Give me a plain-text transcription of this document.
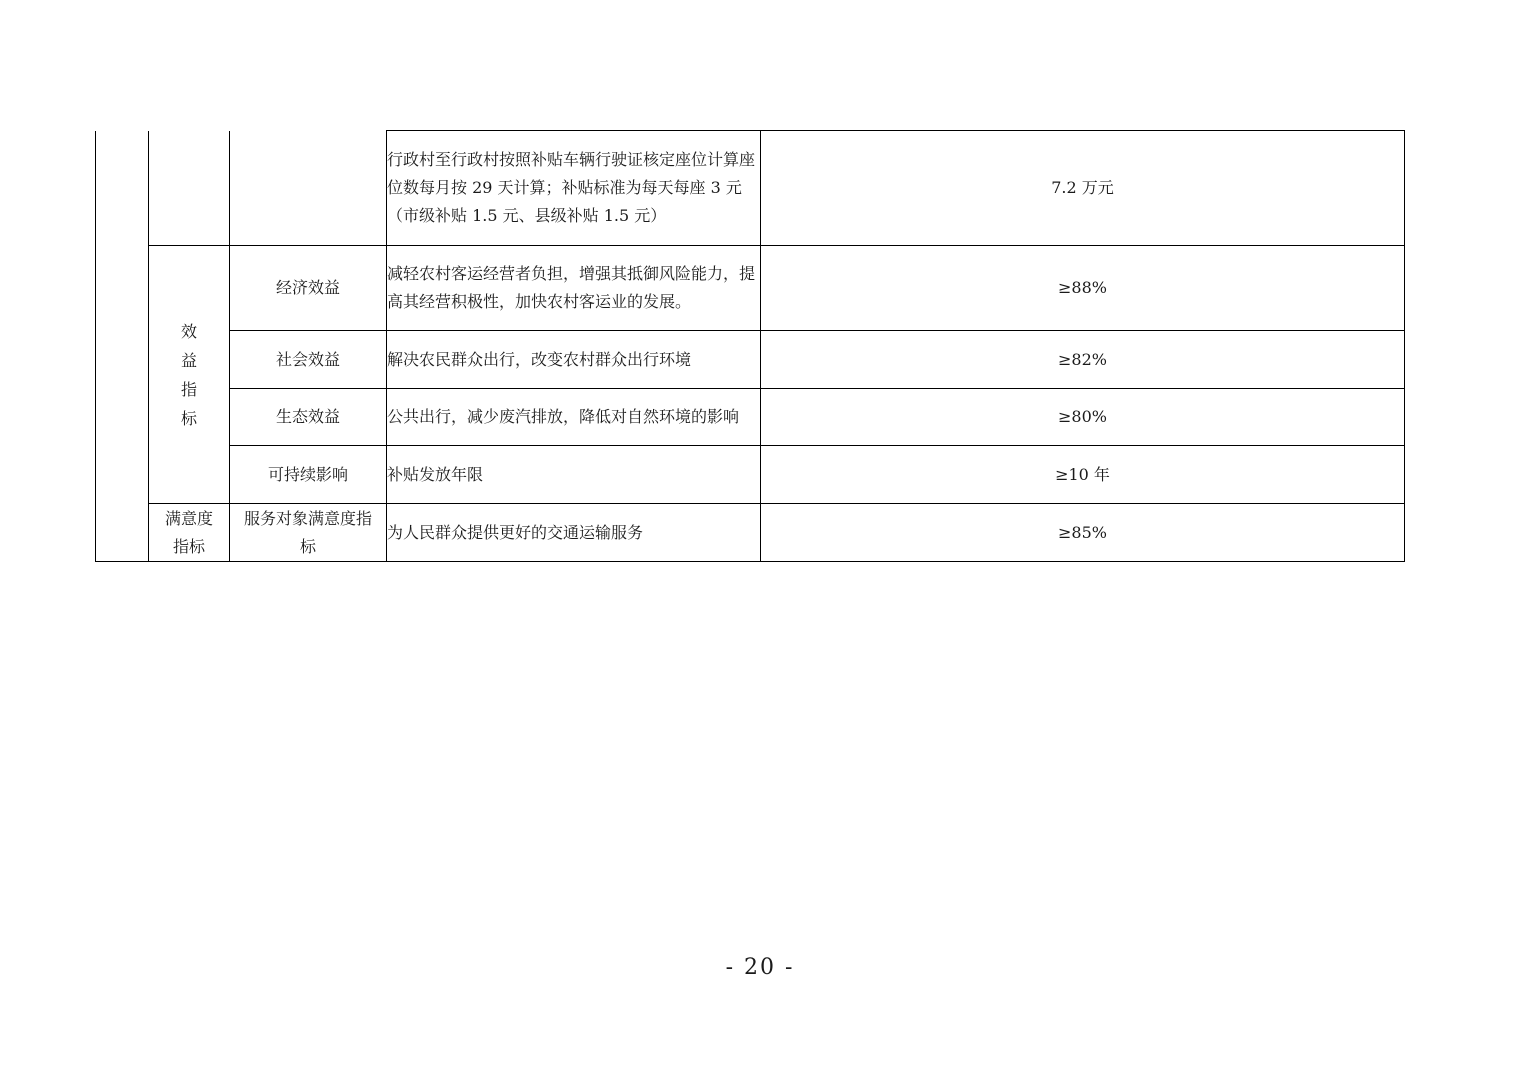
			行政村至行政村按照补贴车辆行驶证核定座位计算座位数每月按 29 天计算；补贴标准为每天每座 3 元（市级补贴 1.5 元、县级补贴 1.5 元）	7.2 万元
	效益指标	经济效益	减轻农村客运经营者负担，增强其抵御风险能力，提高其经营积极性，加快农村客运业的发展。	≥88%
		社会效益	解决农民群众出行，改变农村群众出行环境	≥82%
		生态效益	公共出行，减少废汽排放，降低对自然环境的影响	≥80%
		可持续影响	补贴发放年限	≥10 年
	满意度指标	服务对象满意度指标	为人民群众提供更好的交通运输服务	≥85%
- 20 -
